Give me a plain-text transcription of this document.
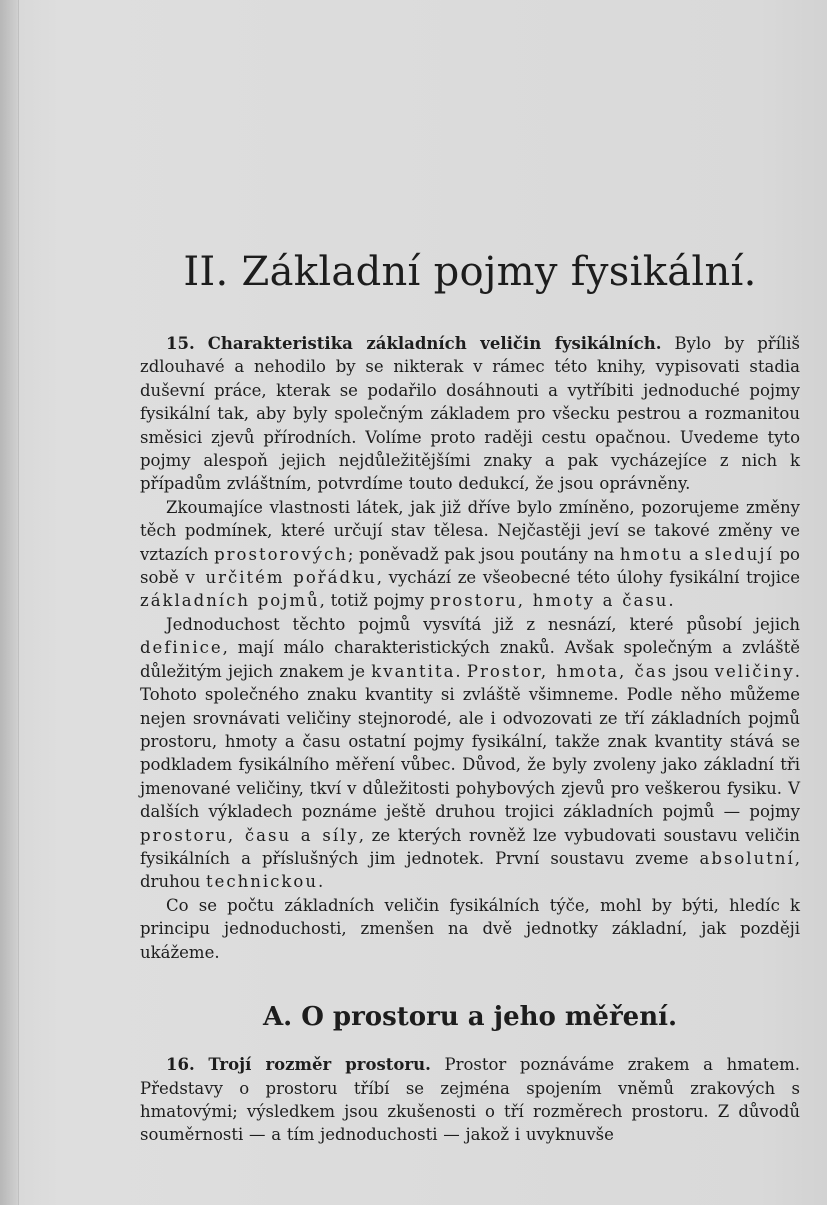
II. Základní pojmy fysikální.

15. Charakteristika základních veličin fysikálních. Bylo by příliš zdlouhavé a nehodilo by se nikterak v rámec této knihy, vypisovati stadia duševní práce, kterak se podařilo dosáhnouti a vytříbiti jednoduché pojmy fysikální tak, aby byly společným základem pro všecku pestrou a rozmanitou směsici zjevů přírodních. Volíme proto raději cestu opačnou. Uvedeme tyto pojmy alespoň jejich nejdůležitějšími znaky a pak vycházejíce z nich k případům zvláštním, potvrdíme touto dedukcí, že jsou oprávněny.

Zkoumajíce vlastnosti látek, jak již dříve bylo zmíněno, pozorujeme změny těch podmínek, které určují stav tělesa. Nejčastěji jeví se takové změny ve vztazích prostorových; poněvadž pak jsou poutány na hmotu a sledují po sobě v určitém pořádku, vychází ze všeobecné této úlohy fysikální trojice základních pojmů, totiž pojmy prostoru, hmoty a času.

Jednoduchost těchto pojmů vysvítá již z nesnází, které působí jejich definice, mají málo charakteristických znaků. Avšak společným a zvláště důležitým jejich znakem je kvantita. Prostor, hmota, čas jsou veličiny. Tohoto společného znaku kvantity si zvláště všimneme. Podle něho můžeme nejen srovnávati veličiny stejnorodé, ale i odvozovati ze tří základních pojmů prostoru, hmoty a času ostatní pojmy fysikální, takže znak kvantity stává se podkladem fysikálního měření vůbec. Důvod, že byly zvoleny jako základní tři jmenované veličiny, tkví v důležitosti pohybových zjevů pro veškerou fysiku. V dalších výkladech poznáme ještě druhou trojici základních pojmů — pojmy prostoru, času a síly, ze kterých rovněž lze vybudovati soustavu veličin fysikálních a příslušných jim jednotek. První soustavu zveme absolutní, druhou technickou.

Co se počtu základních veličin fysikálních týče, mohl by býti, hledíc k principu jednoduchosti, zmenšen na dvě jednotky základní, jak později ukážeme.

A. O prostoru a jeho měření.

16. Trojí rozměr prostoru. Prostor poznáváme zrakem a hmatem. Představy o prostoru tříbí se zejména spojením vněmů zrakových s hmatovými; výsledkem jsou zkušenosti o tří rozměrech prostoru. Z důvodů souměrnosti — a tím jednoduchosti — jakož i uvyknuvše
